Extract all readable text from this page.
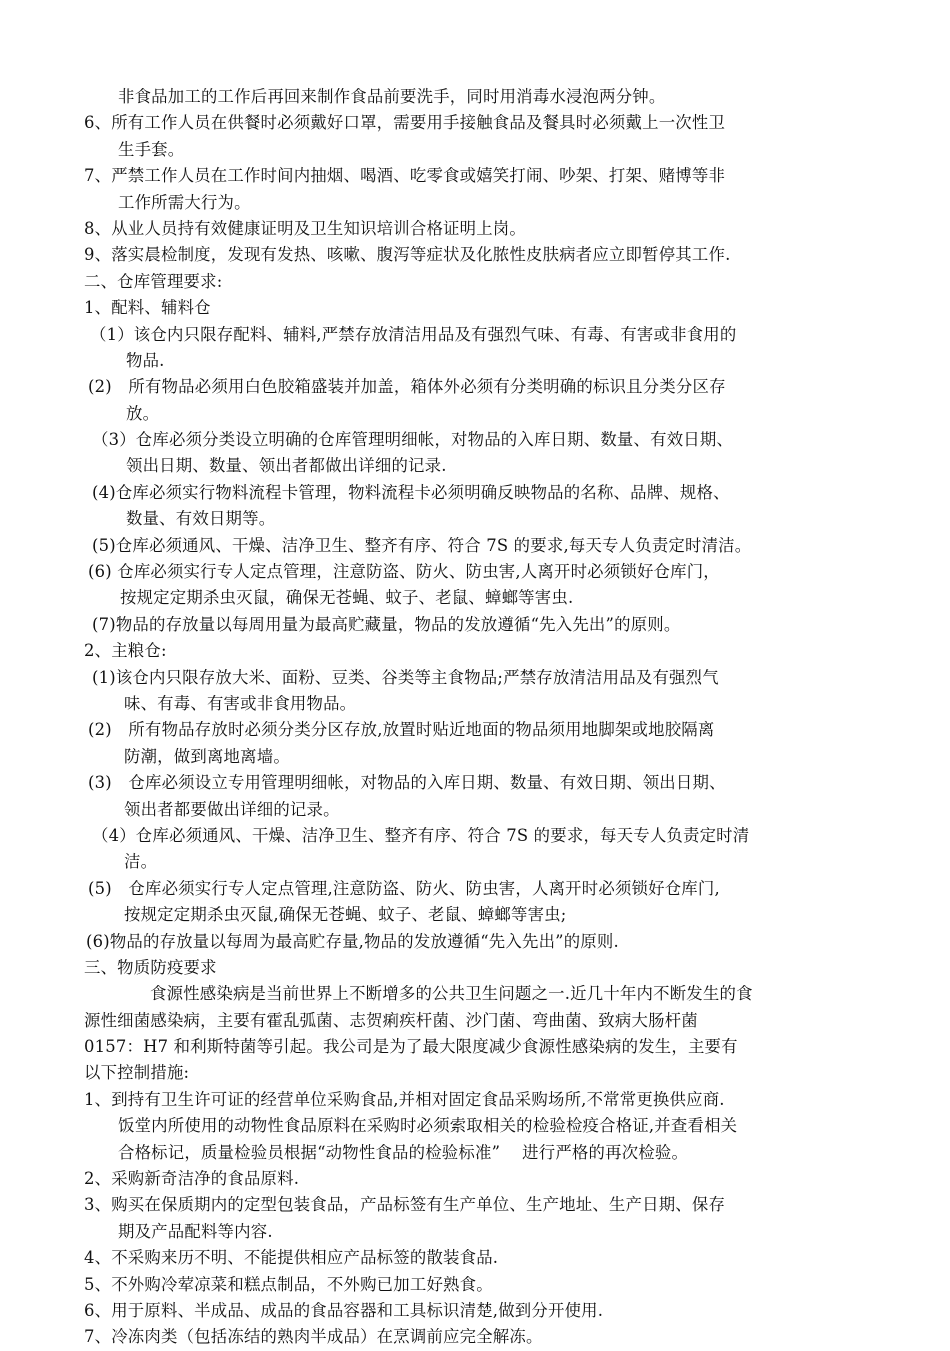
非食品加工的工作后再回来制作食品前要洗手，同时用消毒水浸泡两分钟。
6、所有工作人员在供餐时必须戴好口罩，需要用手接触食品及餐具时必须戴上一次性卫
生手套。
7、严禁工作人员在工作时间内抽烟、喝酒、吃零食或嬉笑打闹、吵架、打架、赌博等非
工作所需大行为。
8、从业人员持有效健康证明及卫生知识培训合格证明上岗。
9、落实晨检制度，发现有发热、咳嗽、腹泻等症状及化脓性皮肤病者应立即暂停其工作.
二、仓库管理要求:
1、配料、辅料仓
（1）该仓内只限存配料、辅料,严禁存放清洁用品及有强烈气味、有毒、有害或非食用的
物品.
(2)　所有物品必须用白色胶箱盛装并加盖，箱体外必须有分类明确的标识且分类分区存
放。
（3）仓库必须分类设立明确的仓库管理明细帐，对物品的入库日期、数量、有效日期、
领出日期、数量、领出者都做出详细的记录.
(4)仓库必须实行物料流程卡管理，物料流程卡必须明确反映物品的名称、品牌、规格、
数量、有效日期等。
(5)仓库必须通风、干燥、洁净卫生、整齐有序、符合 7S 的要求,每天专人负责定时清洁。
(6) 仓库必须实行专人定点管理，注意防盗、防火、防虫害,人离开时必须锁好仓库门，
按规定定期杀虫灭鼠，确保无苍蝇、蚊子、老鼠、蟑螂等害虫.
(7)物品的存放量以每周用量为最高贮藏量，物品的发放遵循“先入先出”的原则。
2、主粮仓:
(1)该仓内只限存放大米、面粉、豆类、谷类等主食物品;严禁存放清洁用品及有强烈气
味、有毒、有害或非食用物品。
(2)　所有物品存放时必须分类分区存放,放置时贴近地面的物品须用地脚架或地胶隔离
防潮，做到离地离墙。
(3)　仓库必须设立专用管理明细帐，对物品的入库日期、数量、有效日期、领出日期、
领出者都要做出详细的记录。
（4）仓库必须通风、干燥、洁净卫生、整齐有序、符合 7S 的要求，每天专人负责定时清
洁。
(5)　仓库必须实行专人定点管理,注意防盗、防火、防虫害，人离开时必须锁好仓库门,
按规定定期杀虫灭鼠,确保无苍蝇、蚊子、老鼠、蟑螂等害虫;
(6)物品的存放量以每周为最高贮存量,物品的发放遵循“先入先出”的原则.
三、物质防疫要求
食源性感染病是当前世界上不断增多的公共卫生问题之一.近几十年内不断发生的食
源性细菌感染病，主要有霍乱弧菌、志贺痢疾杆菌、沙门菌、弯曲菌、致病大肠杆菌
0157：H7 和利斯特菌等引起。我公司是为了最大限度减少食源性感染病的发生，主要有
以下控制措施:
1、到持有卫生许可证的经营单位采购食品,并相对固定食品采购场所,不常常更换供应商.
饭堂内所使用的动物性食品原料在采购时必须索取相关的检验检疫合格证,并查看相关
合格标记，质量检验员根据“动物性食品的检验标准”　 进行严格的再次检验。
2、采购新奇洁净的食品原料.
3、购买在保质期内的定型包装食品，产品标签有生产单位、生产地址、生产日期、保存
期及产品配料等内容.
4、不采购来历不明、不能提供相应产品标签的散装食品.
5、不外购冷荤凉菜和糕点制品，不外购已加工好熟食。
6、用于原料、半成品、成品的食品容器和工具标识清楚,做到分开使用.
7、冷冻肉类（包括冻结的熟肉半成品）在烹调前应完全解冻。
